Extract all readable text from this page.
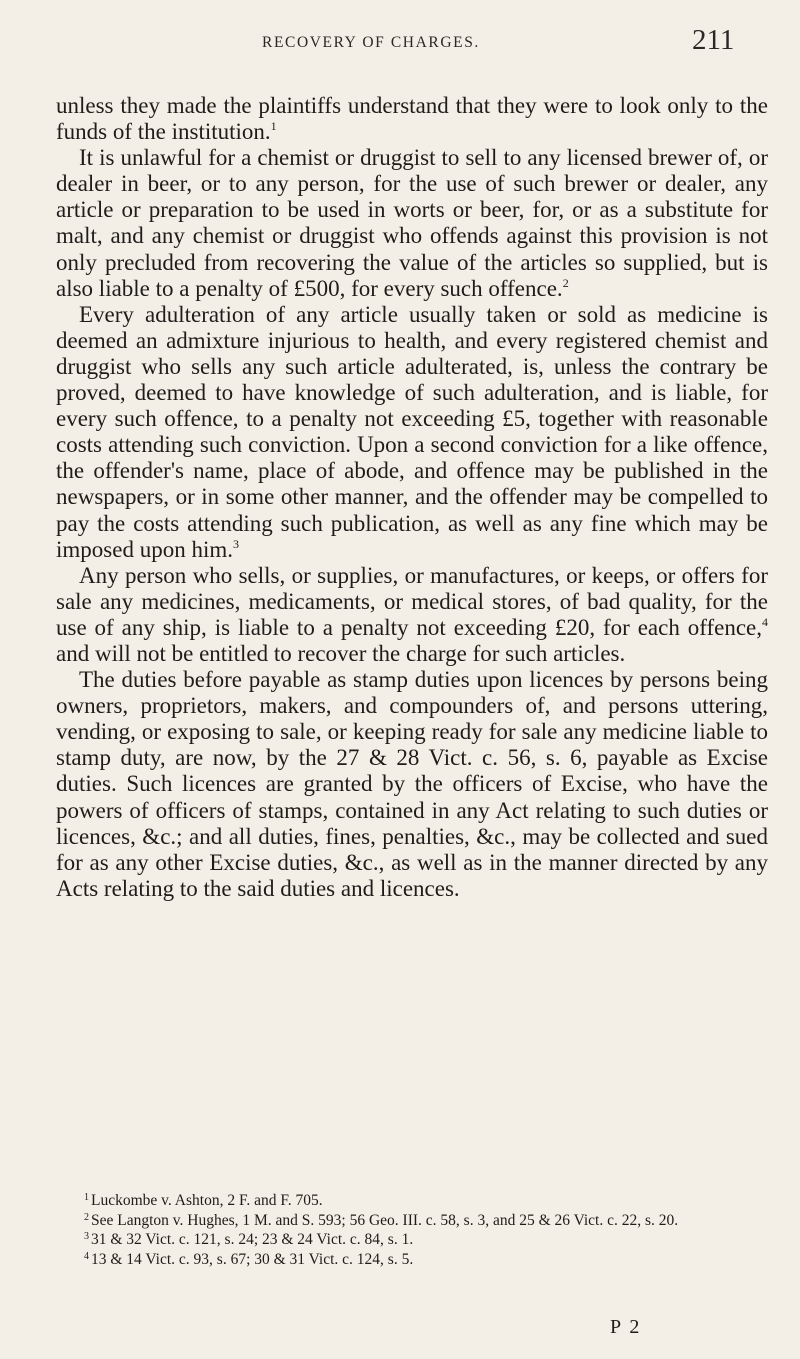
RECOVERY OF CHARGES.	211

unless they made the plaintiffs understand that they were to look only to the funds of the institution.$^1$

It is unlawful for a chemist or druggist to sell to any licensed brewer of, or dealer in beer, or to any person, for the use of such brewer or dealer, any article or preparation to be used in worts or beer, for, or as a substitute for malt, and any chemist or druggist who offends against this provision is not only precluded from recovering the value of the articles so supplied, but is also liable to a penalty of £500, for every such offence.$^2$

Every adulteration of any article usually taken or sold as medicine is deemed an admixture injurious to health, and every registered chemist and druggist who sells any such article adulterated, is, unless the contrary be proved, deemed to have knowledge of such adulteration, and is liable, for every such offence, to a penalty not exceeding £5, together with reasonable costs attending such conviction. Upon a second conviction for a like offence, the offender's name, place of abode, and offence may be published in the newspapers, or in some other manner, and the offender may be compelled to pay the costs attending such publication, as well as any fine which may be imposed upon him.$^3$

Any person who sells, or supplies, or manufactures, or keeps, or offers for sale any medicines, medicaments, or medical stores, of bad quality, for the use of any ship, is liable to a penalty not exceeding £20, for each offence,$^4$ and will not be entitled to recover the charge for such articles.

The duties before payable as stamp duties upon licences by persons being owners, proprietors, makers, and compounders of, and persons uttering, vending, or exposing to sale, or keeping ready for sale any medicine liable to stamp duty, are now, by the 27 & 28 Vict. c. 56, s. 6, payable as Excise duties. Such licences are granted by the officers of Excise, who have the powers of officers of stamps, contained in any Act relating to such duties or licences, &c.; and all duties, fines, penalties, &c., may be collected and sued for as any other Excise duties, &c., as well as in the manner directed by any Acts relating to the said duties and licences.

$^1$ Luckombe v. Ashton, 2 F. and F. 705.

$^2$ See Langton v. Hughes, 1 M. and S. 593; 56 Geo. III. c. 58, s. 3, and 25 & 26 Vict. c. 22, s. 20.

$^3$ 31 & 32 Vict. c. 121, s. 24; 23 & 24 Vict. c. 84, s. 1.

$^4$ 13 & 14 Vict. c. 93, s. 67; 30 & 31 Vict. c. 124, s. 5.

P 2
